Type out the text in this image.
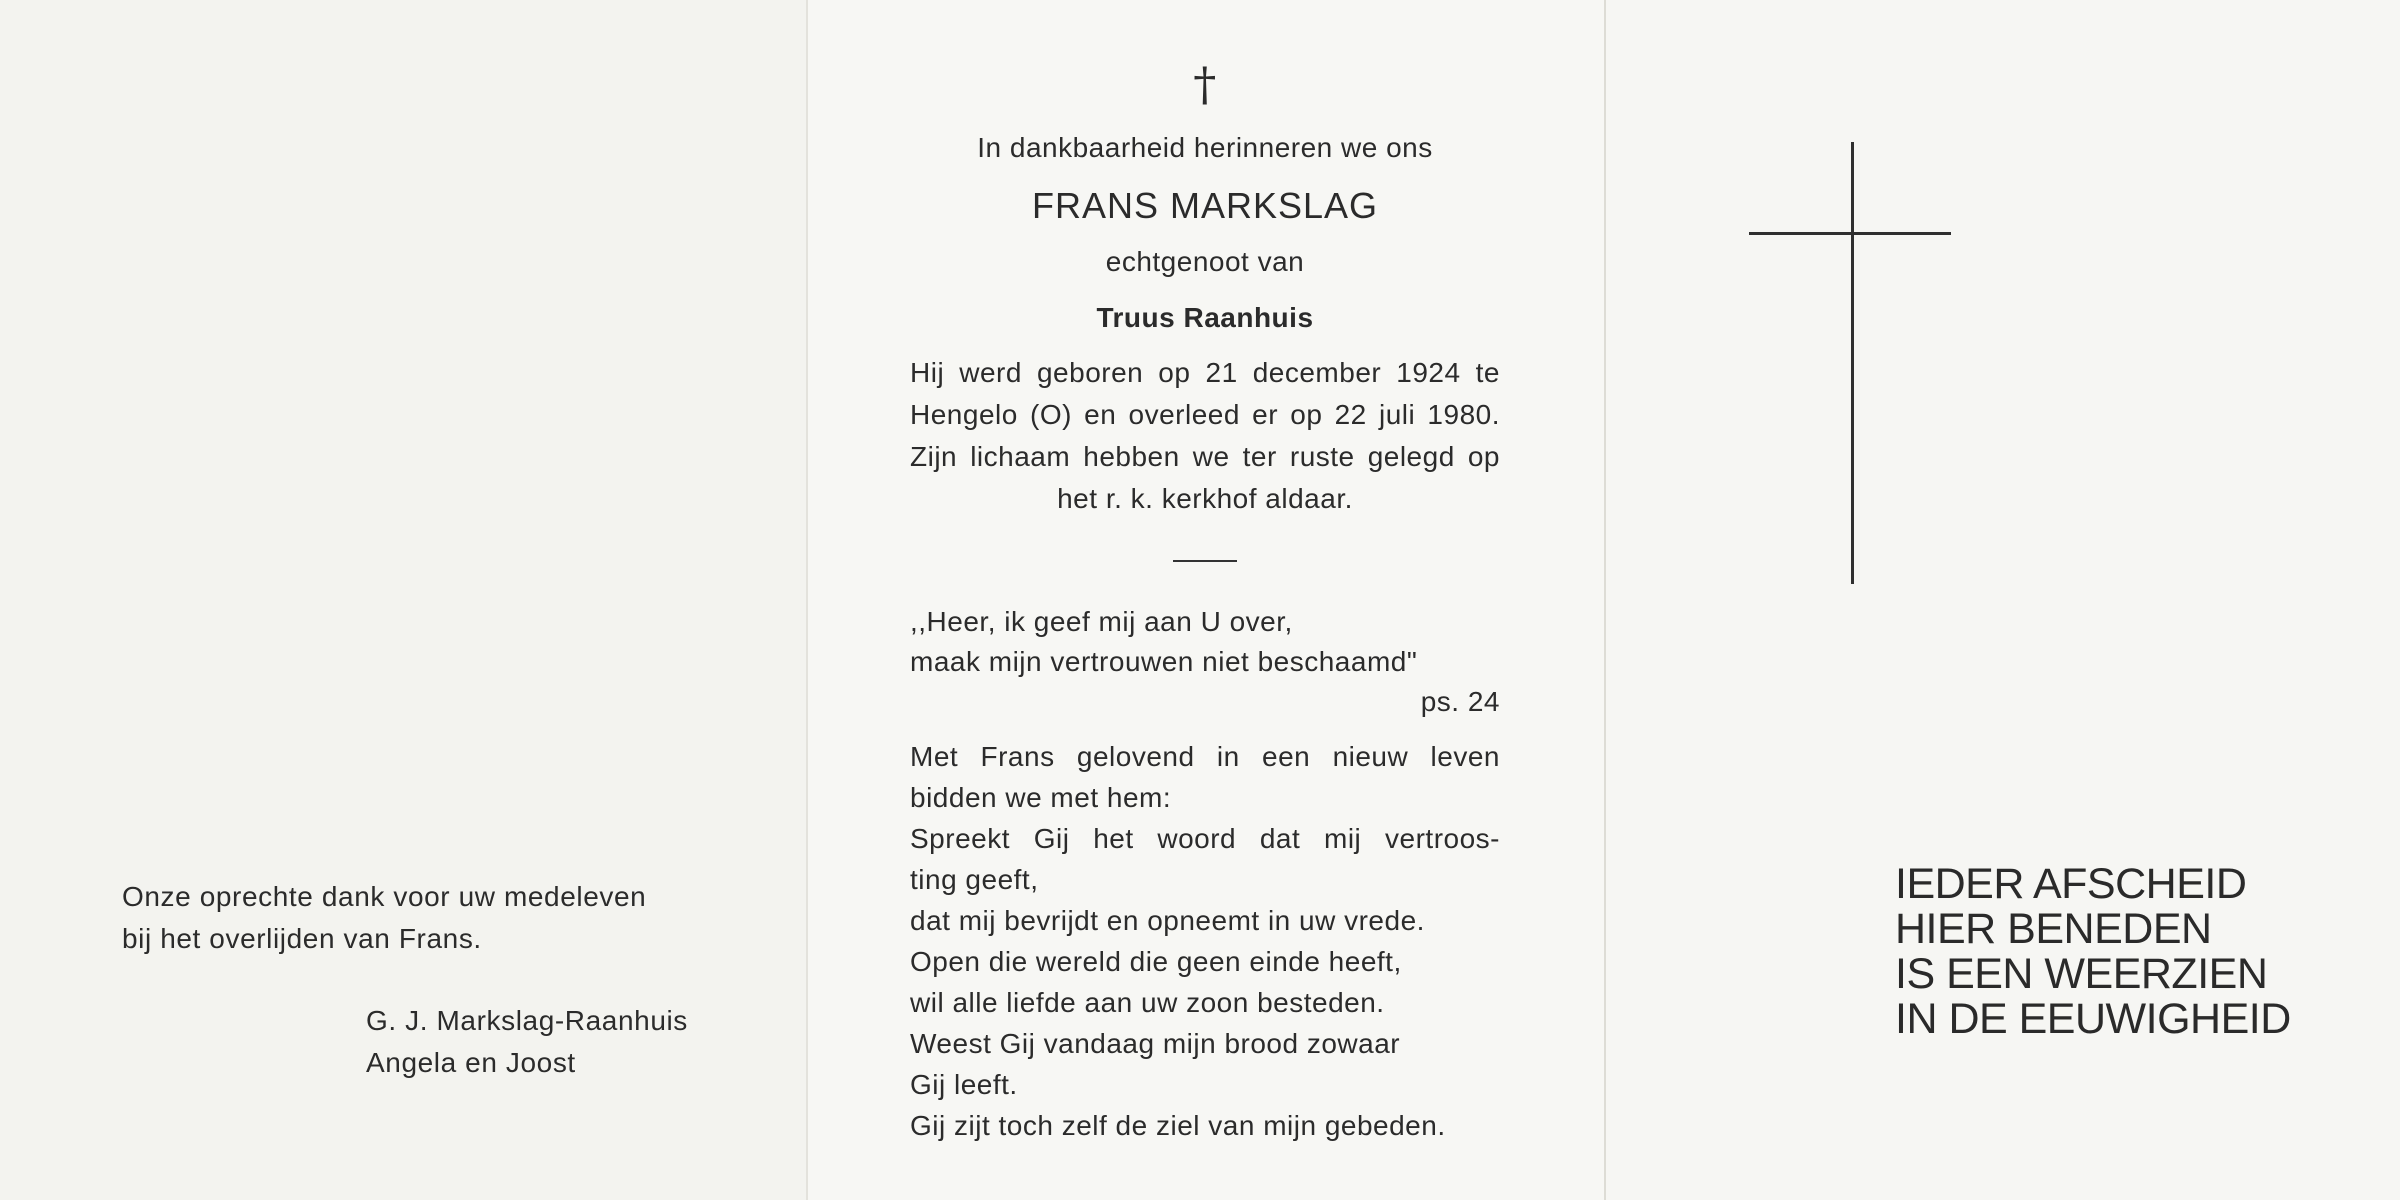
Onze oprechte dank voor uw medeleven

bij het overlijden van Frans.

G. J. Markslag-Raanhuis
Angela en Joost
†
In dankbaarheid herinneren we ons
FRANS MARKSLAG
echtgenoot van
Truus Raanhuis
Hij werd geboren op 21 december 1924 te Hengelo (O) en overleed er op 22 juli 1980. Zijn lichaam hebben we ter ruste gelegd op het r. k. kerkhof aldaar.

,,Heer, ik geef mij aan U over,

maak mijn vertrouwen niet beschaamd"

ps. 24

Met Frans gelovend in een nieuw leven

bidden we met hem:

Spreekt Gij het woord dat mij vertroos-

ting geeft,

dat mij bevrijdt en opneemt in uw vrede.

Open die wereld die geen einde heeft,

wil alle liefde aan uw zoon besteden.

Weest Gij vandaag mijn brood zowaar

Gij leeft.

Gij zijt toch zelf de ziel van mijn gebeden.

IEDER AFSCHEID
HIER BENEDEN
IS EEN WEERZIEN
IN DE EEUWIGHEID
